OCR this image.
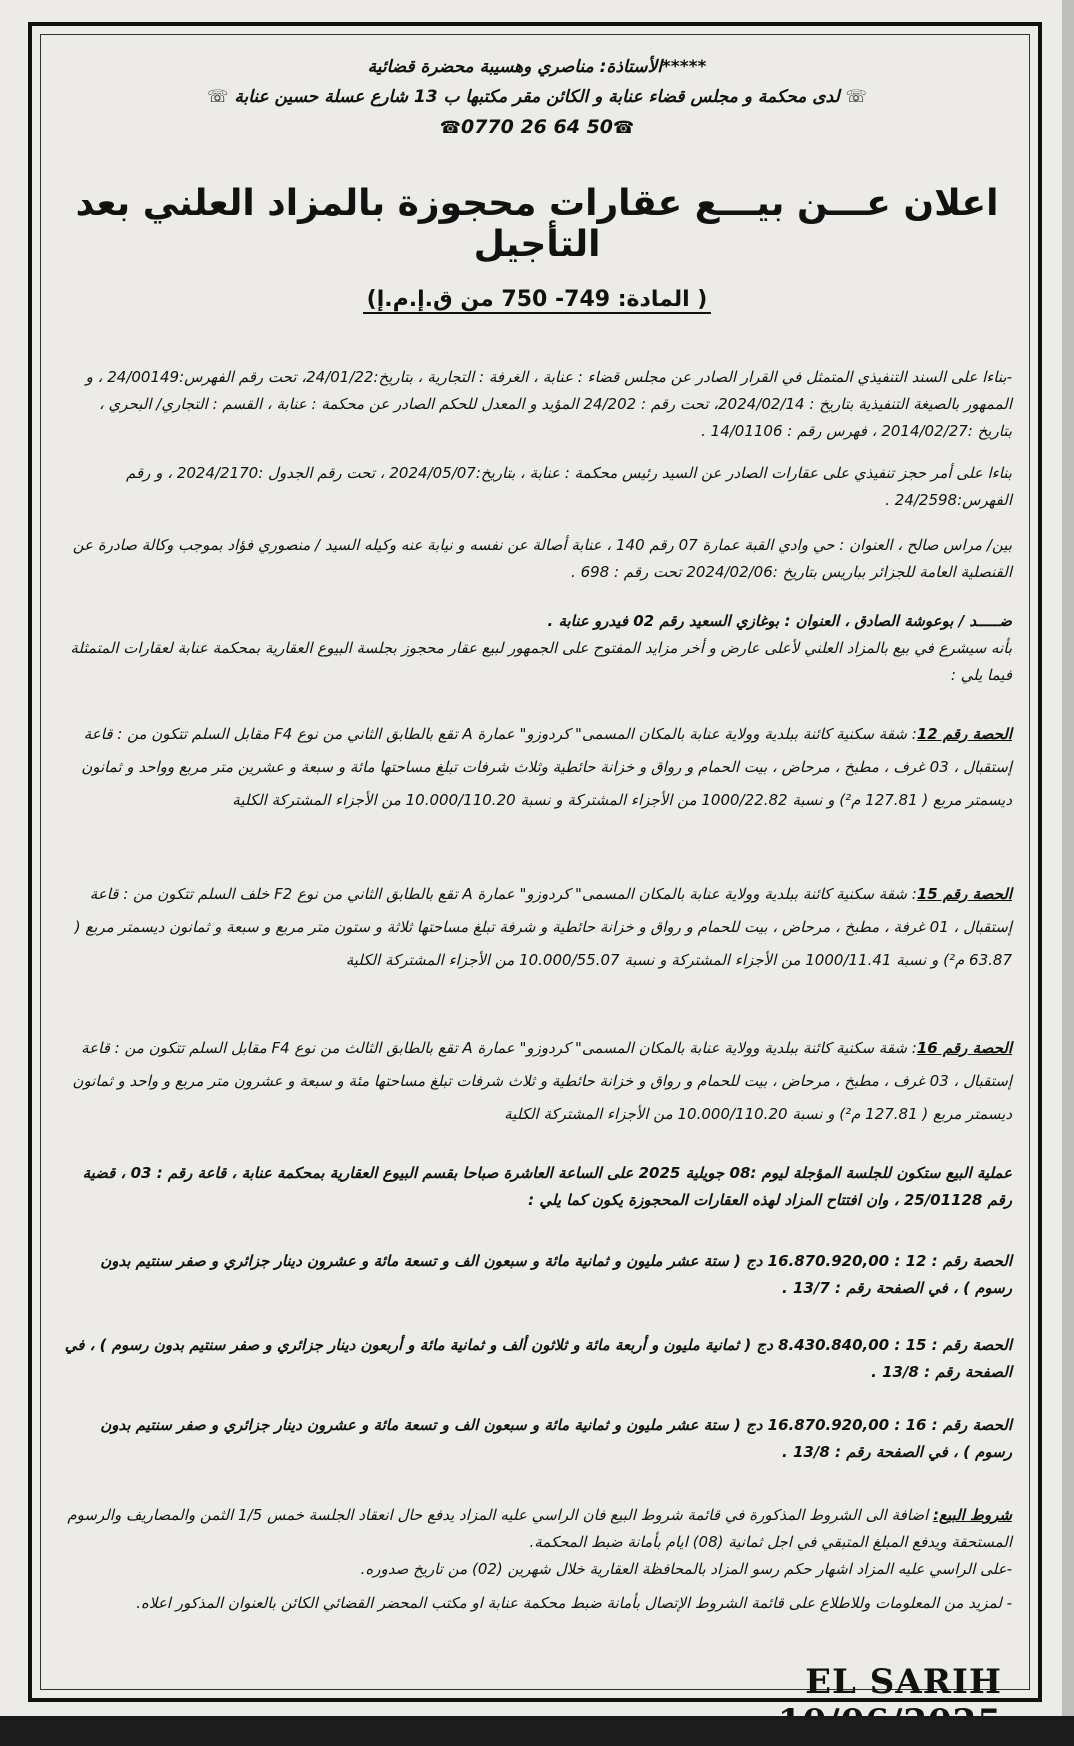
*****الأستاذة: مناصري وهسيبة محضرة قضائية
☏ لدى محكمة و مجلس قضاء عنابة و الكائن مقر مكتبها ب 13 شارع عسلة حسين عنابة ☏
☎0770 26 64 50☎
اعلان عـــن بيـــع عقارات محجوزة بالمزاد العلني بعد التأجيل
( المادة: 749- 750 من ق.إ.م.إ)

-بناءا على السند التنفيذي المتمثل في القرار الصادر عن مجلس قضاء : عنابة ، الغرفة : التجارية ، بتاريخ:24/01/22، تحت رقم الفهرس:24/00149 ، و الممهور بالصيغة التنفيذية بتاريخ : 2024/02/14، تحت رقم : 24/202 المؤيد و المعدل للحكم الصادر عن محكمة : عنابة ، القسم : التجاري/ البحري ، بتاريخ :2014/02/27 ، فهرس رقم : 14/01106 .

بناءا على أمر حجز تنفيذي على عقارات الصادر عن السيد رئيس محكمة : عنابة ، بتاريخ:2024/05/07 ، تحت رقم الجدول :2024/2170 ، و رقم الفهرس:24/2598 .

بين/ مراس صالح ، العنوان : حي وادي القبة عمارة 07 رقم 140 ، عنابة أصالة عن نفسه و نيابة عنه وكيله السيد / منصوري فؤاد بموجب وكالة صادرة عن القنصلية العامة للجزائر بباريس بتاريخ :2024/02/06 تحت رقم : 698 .

ضـــــد / بوعوشة الصادق ، العنوان : بوغازي السعيد رقم 02 فيدرو عنابة .

بأنه سيشرع في بيع بالمزاد العلني لأعلى عارض و أخر مزايد المفتوح على الجمهور لبيع عقار محجوز بجلسة البيوع العقارية بمحكمة عنابة لعقارات المتمثلة فيما يلي :

الحصة رقم 12: شقة سكنية كائنة ببلدية وولاية عنابة بالمكان المسمى" كردوزو" عمارة A تقع بالطابق الثاني من نوع F4 مقابل السلم تتكون من : قاعة إستقبال ، 03 غرف ، مطبخ ، مرحاض ، بيت الحمام و رواق و خزانة حائطية وثلاث شرفات تبلغ مساحتها مائة و سبعة و عشرين متر مربع وواحد و ثمانون ديسمتر مربع ( 127.81 م²) و نسبة 1000/22.82 من الأجزاء المشتركة و نسبة 10.000/110.20 من الأجزاء المشتركة الكلية

الحصة رقم 15: شقة سكنية كائنة ببلدية وولاية عنابة بالمكان المسمى" كردوزو" عمارة A تقع بالطابق الثاني من نوع F2 خلف السلم تتكون من : قاعة إستقبال ، 01 غرفة ، مطبخ ، مرحاض ، بيت للحمام و رواق و خزانة حائطية و شرفة تبلغ مساحتها ثلاثة و ستون متر مربع و سبعة و ثمانون ديسمتر مربع ( 63.87 م²) و نسبة 1000/11.41 من الأجزاء المشتركة و نسبة 10.000/55.07 من الأجزاء المشتركة الكلية

الحصة رقم 16: شقة سكنية كائنة ببلدية وولاية عنابة بالمكان المسمى" كردوزو" عمارة A تقع بالطابق الثالث من نوع F4 مقابل السلم تتكون من : قاعة إستقبال ، 03 غرف ، مطبخ ، مرحاض ، بيت للحمام و رواق و خزانة حائطية و ثلاث شرفات تبلغ مساحتها مئة و سبعة و عشرون متر مربع و واحد و ثمانون ديسمتر مربع ( 127.81 م²) و نسبة 10.000/110.20 من الأجزاء المشتركة الكلية

عملية البيع ستكون للجلسة المؤجلة ليوم :08 جويلية 2025 على الساعة العاشرة صباحا بقسم البيوع العقارية بمحكمة عنابة ، قاعة رقم : 03 ، قضية رقم 25/01128 ، وان افتتاح المزاد لهذه العقارات المحجوزة يكون كما يلي :

الحصة رقم : 12 : 16.870.920,00 دج ( ستة عشر مليون و ثمانية مائة و سبعون الف و تسعة مائة و عشرون دينار جزائري و صفر سنتيم بدون رسوم ) ، في الصفحة رقم : 13/7 .

الحصة رقم : 15 : 8.430.840,00 دج ( ثمانية مليون و أربعة مائة و ثلاثون ألف و ثمانية مائة و أربعون دينار جزائري و صفر سنتيم بدون رسوم ) ، في الصفحة رقم : 13/8 .

الحصة رقم : 16 : 16.870.920,00 دج ( ستة عشر مليون و ثمانية مائة و سبعون الف و تسعة مائة و عشرون دينار جزائري و صفر سنتيم بدون رسوم ) ، في الصفحة رقم : 13/8 .

شروط البيع: اضافة الى الشروط المذكورة في قائمة شروط البيع فان الراسي عليه المزاد يدفع حال انعقاد الجلسة خمس 1/5 الثمن والمصاريف والرسوم المستحقة ويدفع المبلغ المتبقي في اجل ثمانية (08) ايام بأمانة ضبط المحكمة.

-على الراسي عليه المزاد اشهار حكم رسو المزاد بالمحافظة العقارية خلال شهرين (02) من تاريخ صدوره.

- لمزيد من المعلومات وللاطلاع على قائمة الشروط الإتصال بأمانة ضبط محكمة عنابة او مكتب المحضر القضائي الكائن بالعنوان المذكور اعلاه.

EL SARIH
